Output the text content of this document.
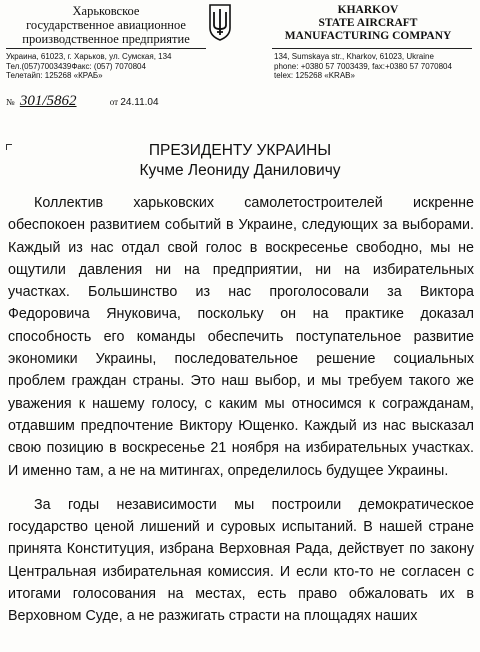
Харьковское
государственное авиационное
производственное предприятие
KHARKOV
STATE AIRCRAFT
MANUFACTURING COMPANY
Украина, 61023, г. Харьков, ул. Сумская, 134
Тел.(057)7003439Факс: (057) 7070804
Телетайп: 125268 «КРАБ»
134, Sumskaya str., Kharkov, 61023, Ukraine
phone: +0380 57 7003439, fax:+0380 57 7070804
telex: 125268 «KRAB»
№ 301/5862	от 24.11.04
ПРЕЗИДЕНТУ УКРАИНЫ
Кучме Леониду Даниловичу

Коллектив харьковских самолетостроителей искренне обеспокоен развитием событий в Украине, следующих за выборами. Каждый из нас отдал свой голос в воскресенье свободно, мы не ощутили давления ни на предприятии, ни на избирательных участках. Большинство из нас проголосовали за Виктора Федоровича Януковича, поскольку он на практике доказал способность его команды обеспечить поступательное развитие экономики Украины, последовательное решение социальных проблем граждан страны. Это наш выбор, и мы требуем такого же уважения к нашему голосу, с каким мы относимся к согражданам, отдавшим предпочтение Виктору Ющенко. Каждый из нас высказал свою позицию в воскресенье 21 ноября на избирательных участках. И именно там, а не на митингах, определилось будущее Украины.

За годы независимости мы построили демократическое государство ценой лишений и суровых испытаний. В нашей стране принята Конституция, избрана Верховная Рада, действует по закону Центральная избирательная комиссия. И если кто-то не согласен с итогами голосования на местах, есть право обжаловать их в Верховном Суде, а не разжигать страсти на площадях наших
